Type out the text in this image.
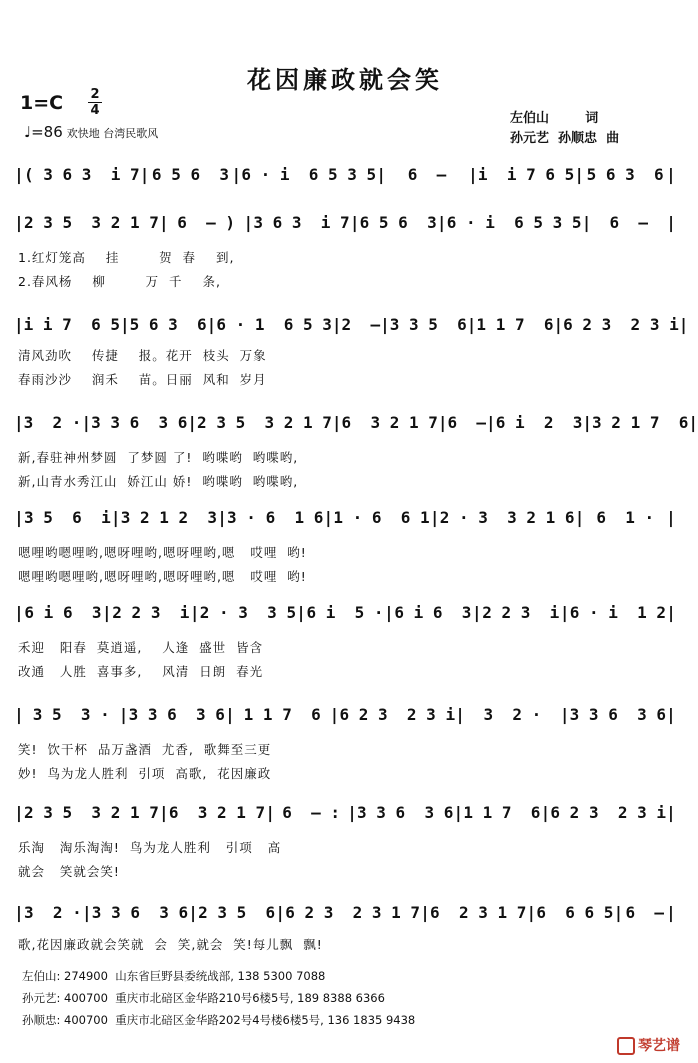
花因廉政就会笑
1=C 2
4
♩=86 欢快地 台湾民歌风
左伯山        词
孙元艺  孙顺忠  曲
| ( 3 6 3  i 7 | 6 5 6  3 | 6 · i  6 5 3 5 |	6  –	| i  i 7 6 5 | 5 6 3  6 |
| 2 3 5  3 2 1 7 | 6  – ) | 3 6 3  i 7 | 6 5 6  3 | 6 · i  6 5 3 5 |	6  –	|
| i i 7  6 5 | 5 6 3  6 | 6 · 1  6 5 3 | 2  – | 3 3 5  6 | 1 1 7  6 | 6 2 3  2 3 i |
| 3  2 · | 3 3 6  3 6 | 2 3 5  3 2 1 7 | 6  3 2 1 7 | 6  – | 6 i  2  3 | 3 2 1 7  6 |
| 3 5  6  i | 3 2 1 2  3 | 3 · 6  1 6 | 1 · 6  6 1 | 2 · 3  3 2 1 6 | 6  1 · |
| 6 i 6  3 | 2 2 3  i | 2 · 3  3 5 | 6 i  5 · | 6 i 6  3 | 2 2 3  i | 6 · i  1 2 |
| 3 5  3 · | 3 3 6  3 6 | 1 1 7  6 | 6 2 3  2 3 i |	3  2 ·	| 3 3 6  3 6 |
| 2 3 5  3 2 1 7 | 6  3 2 1 7 | 6  – : | 3 3 6  3 6 | 1 1 7  6 | 6 2 3  2 3 i |
| 3  2 · | 3 3 6  3 6 | 2 3 5  6 | 6 2 3  2 3 1 7 | 6  2 3 1 7 | 6  6 6 5 | 6  – |
1.红灯笼高    挂        贺  春    到,
2.春风杨    柳        万  千    条,
清风劲吹    传捷    报。花开  枝头  万象
春雨沙沙    润禾    苗。日丽  风和  岁月
新,春驻神州梦圆  了梦圆 了!  哟喋哟  哟喋哟,
新,山青水秀江山  娇江山 娇!  哟喋哟  哟喋哟,
嗯哩哟嗯哩哟,嗯呀哩哟,嗯呀哩哟,嗯   哎哩  哟!
嗯哩哟嗯哩哟,嗯呀哩哟,嗯呀哩哟,嗯   哎哩  哟!
禾迎   阳春  莫逍遥,    人逢  盛世  皆含
改通   人胜  喜事多,    风清  日朗  春光
笑!  饮干杯  品万盏酒  尤香,  歌舞至三更
妙!  鸟为龙人胜利  引项  高歌,  花因廉政
乐淘   淘乐淘淘!  鸟为龙人胜利   引项   高
就会   笑就会笑!
歌,花因廉政就会笑就  会  笑,就会  笑!每儿飘  飘!
左伯山: 274900  山东省巨野县委统战部, 138 5300 7088
孙元艺: 400700  重庆市北碚区金华路210号6楼5号, 189 8388 6366
孙顺忠: 400700  重庆市北碚区金华路202号4号楼6楼5号, 136 1835 9438
琴艺谱
